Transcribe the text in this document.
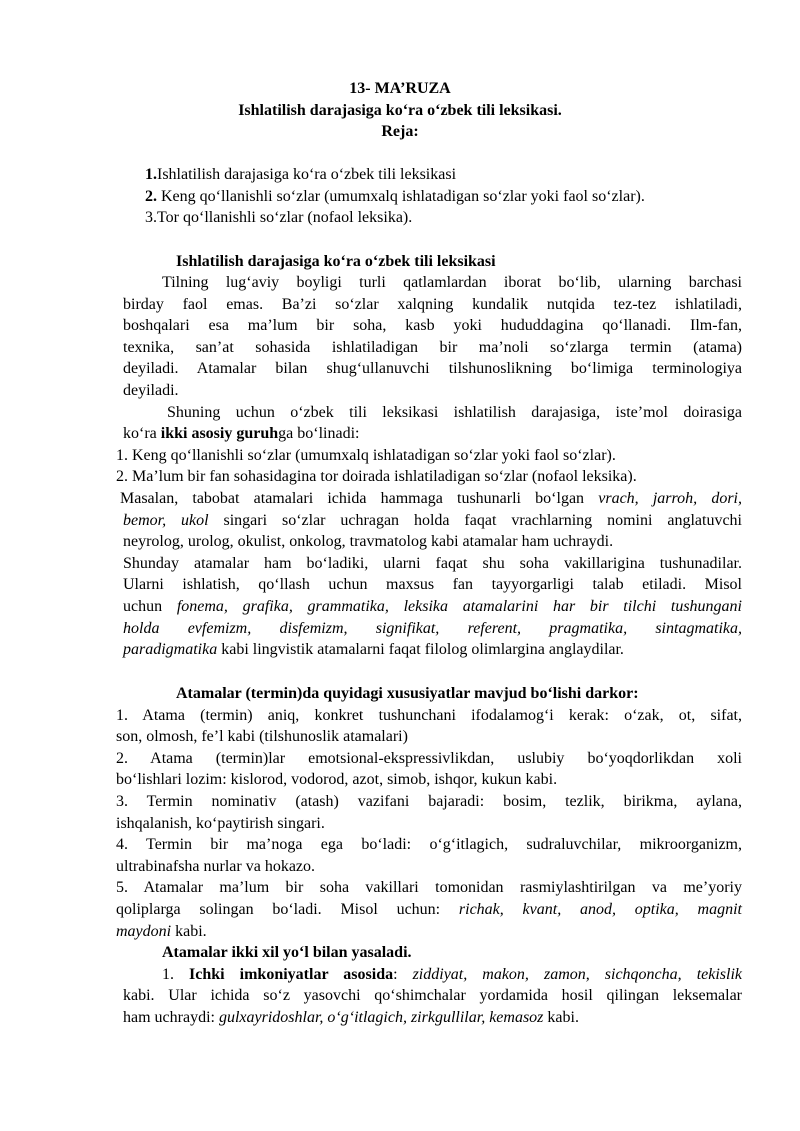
13- MA’RUZA
Ishlatilish darajasiga ko‘ra o‘zbek tili leksikasi.
Reja:
1.Ishlatilish darajasiga ko‘ra o‘zbek tili leksikasi
2. Keng qo‘llanishli so‘zlar (umumxalq ishlatadigan so‘zlar yoki faol so‘zlar).
3.Tor qo‘llanishli so‘zlar (nofaol leksika).
Ishlatilish darajasiga ko‘ra o‘zbek tili leksikasi
Tilning lug‘aviy boyligi turli qatlamlardan iborat bo‘lib, ularning barchasi
birday faol emas. Ba’zi so‘zlar xalqning kundalik nutqida tez-tez ishlatiladi,
boshqalari esa ma’lum bir soha, kasb yoki hududdagina qo‘llanadi. Ilm-fan,
texnika, san’at sohasida ishlatiladigan bir ma’noli so‘zlarga termin (atama)
deyiladi. Atamalar bilan shug‘ullanuvchi tilshunoslikning bo‘limiga terminologiya
deyiladi.
Shuning uchun o‘zbek tili leksikasi ishlatilish darajasiga, iste’mol doirasiga
ko‘ra ikki asosiy guruhga bo‘linadi:
1. Keng qo‘llanishli so‘zlar (umumxalq ishlatadigan so‘zlar yoki faol so‘zlar).
2. Ma’lum bir fan sohasidagina tor doirada ishlatiladigan so‘zlar (nofaol leksika).
Masalan, tabobat atamalari ichida hammaga tushunarli bo‘lgan vrach, jarroh, dori,
bemor, ukol singari so‘zlar uchragan holda faqat vrachlarning nomini anglatuvchi
neyrolog, urolog, okulist, onkolog, travmatolog kabi atamalar ham uchraydi.
Shunday atamalar ham bo‘ladiki, ularni faqat shu soha vakillarigina tushunadilar.
Ularni ishlatish, qo‘llash uchun maxsus fan tayyorgarligi talab etiladi. Misol
uchun fonema, grafika, grammatika, leksika atamalarini har bir tilchi tushungani
holda evfemizm, disfemizm, signifikat, referent, pragmatika, sintagmatika,
paradigmatika kabi lingvistik atamalarni faqat filolog olimlargina anglaydilar.
Atamalar (termin)da quyidagi xususiyatlar mavjud bo‘lishi darkor:
1. Atama (termin) aniq, konkret tushunchani ifodalamog‘i kerak: o‘zak, ot, sifat,
son, olmosh, fe’l kabi (tilshunoslik atamalari)
2. Atama (termin)lar emotsional-ekspressivlikdan, uslubiy bo‘yoqdorlikdan xoli
bo‘lishlari lozim: kislorod, vodorod, azot, simob, ishqor, kukun kabi.
3. Termin nominativ (atash) vazifani bajaradi: bosim, tezlik, birikma, aylana,
ishqalanish, ko‘paytirish singari.
4. Termin bir ma’noga ega bo‘ladi: o‘g‘itlagich, sudraluvchilar, mikroorganizm,
ultrabinafsha nurlar va hokazo.
5. Atamalar ma’lum bir soha vakillari tomonidan rasmiylashtirilgan va me’yoriy
qoliplarga solingan bo‘ladi. Misol uchun: richak, kvant, anod, optika, magnit
maydoni kabi.
Atamalar ikki xil yo‘l bilan yasaladi.
1. Ichki imkoniyatlar asosida: ziddiyat, makon, zamon, sichqoncha, tekislik
kabi. Ular ichida so‘z yasovchi qo‘shimchalar yordamida hosil qilingan leksemalar
ham uchraydi: gulxayridoshlar, o‘g‘itlagich, zirkgullilar, kemasoz kabi.
